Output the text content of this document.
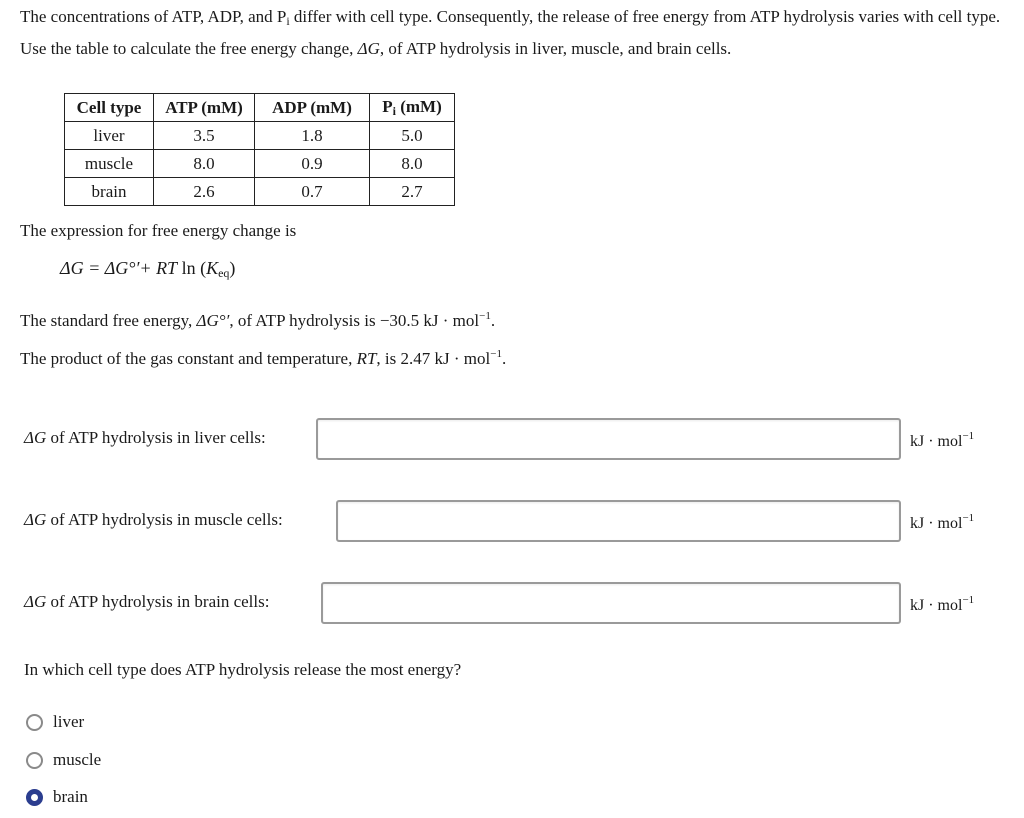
The concentrations of ATP, ADP, and $P_i$ differ with cell type. Consequently, the release of free energy from ATP hydrolysis varies with cell type. Use the table to calculate the free energy change, ΔG, of ATP hydrolysis in liver, muscle, and brain cells.
Cell type	ATP (mM)	ADP (mM)	$P_i$ (mM)
liver	3.5	1.8	5.0
muscle	8.0	0.9	8.0
brain	2.6	0.7	2.7
The expression for free energy change is
ΔG = ΔG°′+ RT $\ln (K_{eq})$
The standard free energy, ΔG°′, of ATP hydrolysis is −30.5 kJ · mol$^{-1}$.
The product of the gas constant and temperature, RT, is 2.47 kJ · mol$^{-1}$.
ΔG of ATP hydrolysis in liver cells:	kJ · mol$^{-1}$
ΔG of ATP hydrolysis in muscle cells:	kJ · mol$^{-1}$
ΔG of ATP hydrolysis in brain cells:	kJ · mol$^{-1}$
In which cell type does ATP hydrolysis release the most energy?
liver
muscle
brain
